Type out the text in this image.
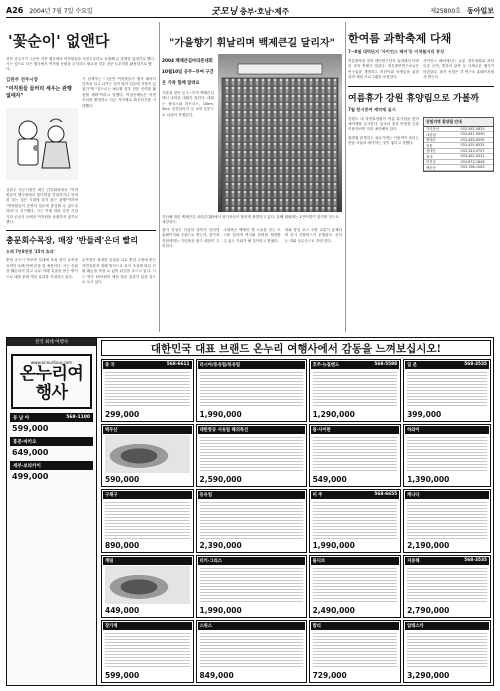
A26 2004년 7월 7일 수요일	굿모닝 충부·호남·제주	제25800호 동아일보
'꽃순이' 없앤다
전북 전주시가 그동안 각종 행사에서 여직원들을 의전도우미로 동원해 온 관행을 없애기로 했다. 시는 앞으로 모든 행사에서 여직원 동원을 금지하고 필요한 경우 전문 도우미를 활용하기로 했다.
김완주 전주시장
"여직원들 들러리 세우는 관행 없애자"
김완주 전주시장은 최근 간부회의에서 "여직원들이 행사장에서 꽃다발을 전달하거나 안내를 하는 것은 시대에 맞지 않는 관행"이라며 "여직원들이 본연의 업무에 충실할 수 있도록 하라"고 지시했다. 시는 이에 따라 각종 기념식과 준공식 등에서 여직원을 동원하지 않기로 했다.
시 관계자는 "그동안 여직원들이 행사 때마다 한복을 입고 나가는 일이 많아 업무에 지장이 있었다"며 "앞으로는 필요할 경우 전문 인력을 활용할 계획"이라고 말했다. 여성단체들은 이번 조치를 환영하고 다른 지자체로 확산되기를 기대했다.
충문회수목장, 매장 '반들레'은더 빨리
오레 7만8천평 '15억 효과'
충남 공주시 반포면 일대에 조성 중인 수목장 묘역이 올해 안에 문을 열 예정이다. 시는 산림을 훼손하지 않고 나무 아래 유골을 묻는 방식으로 매장 문화 개선 효과를 기대하고 있다.
수목장은 화장한 유골을 나무 뿌리 주변에 묻는 자연친화적 장례 방식으로 묘지 조성에 따른 산림 훼손을 막을 수 있어 관심을 모으고 있다. 시는 연간 15억원의 예산 절감 효과가 있을 것으로 보고 있다.
"가을향기 휘날리며 백제큰길 달리자"
2004 백제큰길마라톤대회
10월10일 공주~부여 구간
온 가족 함께 달려요
가을을 맞아 공주~부여 백제큰길에서 마라톤 대회가 열린다. 대회는 풀코스와 하프코스, 10km, 5km 건강달리기 등 4개 부문으로 나뉘어 진행된다.
지난해 열린 백제큰길 마라톤대회에서 참가자들이 힘차게 출발하고 있다. 올해 대회에는 1만여명이 참가할 것으로 예상된다.
참가 신청은 다음달 말까지 인터넷 홈페이지와 우편으로 받는다. 참가자 전원에게는 기념품과 완주 메달이 주어진다.
주최측은 백제의 옛 도읍을 잇는 코스를 달리며 역사와 문화를 체험할 수 있는 기회가 될 것이라고 밝혔다.
대회 당일 코스 주변 교통이 통제되며 임시 셔틀버스가 운행된다. 문의는 대회 사무국으로 하면 된다.
한여름 과학축제 다채
7~8월 대덕단지 '사이언스 페어'등 이색볼거리 풍성
여름방학을 맞아 대덕연구단지 일대에서 다양한 과학 축제가 열린다. 정부출연연구소들은 연구실을 개방하고 어린이와 학생들을 위한 과학 체험 프로그램을 운영한다.
사이언스 페어에서는 로봇 경진대회와 과학 마술 공연, 별자리 관측 등 다채로운 행사가 마련된다. 참가 신청은 각 연구소 홈페이지에서 받는다.
여름휴가 강원 휴양림으로 가볼까
7월 한시증여 예약제 실시
강원도 내 자연휴양림이 여름 휴가철을 맞아 예약제를 실시한다. 숲속의 집과 야영장 등을 이용하려면 미리 예약해야 한다.
휴양림 관계자는 성수기에는 이용객이 몰리는 만큼 서둘러 예약하는 것이 좋다고 말했다.
강원지역 휴양림 안내
가리왕산	033-562-5833
대관령	033-641-9990
방태산	033-463-8590
삼봉	033-435-8535
청태산	033-343-9707
용대	033-462-5031
미천골	033-673-1806
백운산	033-766-1063
전국 최대 여행사
www.onnuritour.com
온누리여행사
동 남 아	568-1100
599,000
홍콩·마카오
649,000
세부·보라카이
499,000
대한민국 대표 브랜드 온누리 여행사에서 감동을 느껴보십시오!
중 국	568-6611
299,000
러시아/동유럽/북유럽
1,990,000
호주·뉴질랜드	568-5588
1,290,000
일 본	568-3535
399,000
백두산
590,000
대한항공 서유럽 해외특선
2,590,000
괌·사이판
549,000
하와이
1,390,000
구채구
890,000
동유럽
2,390,000
미 주	568-6655
1,990,000
캐나다
2,190,000
계림
449,000
터키·그리스
1,990,000
몰디브
2,490,000
지중해	568-3535
2,790,000
장가계
599,000
스위스
849,000
발리
729,000
알래스카
3,290,000
